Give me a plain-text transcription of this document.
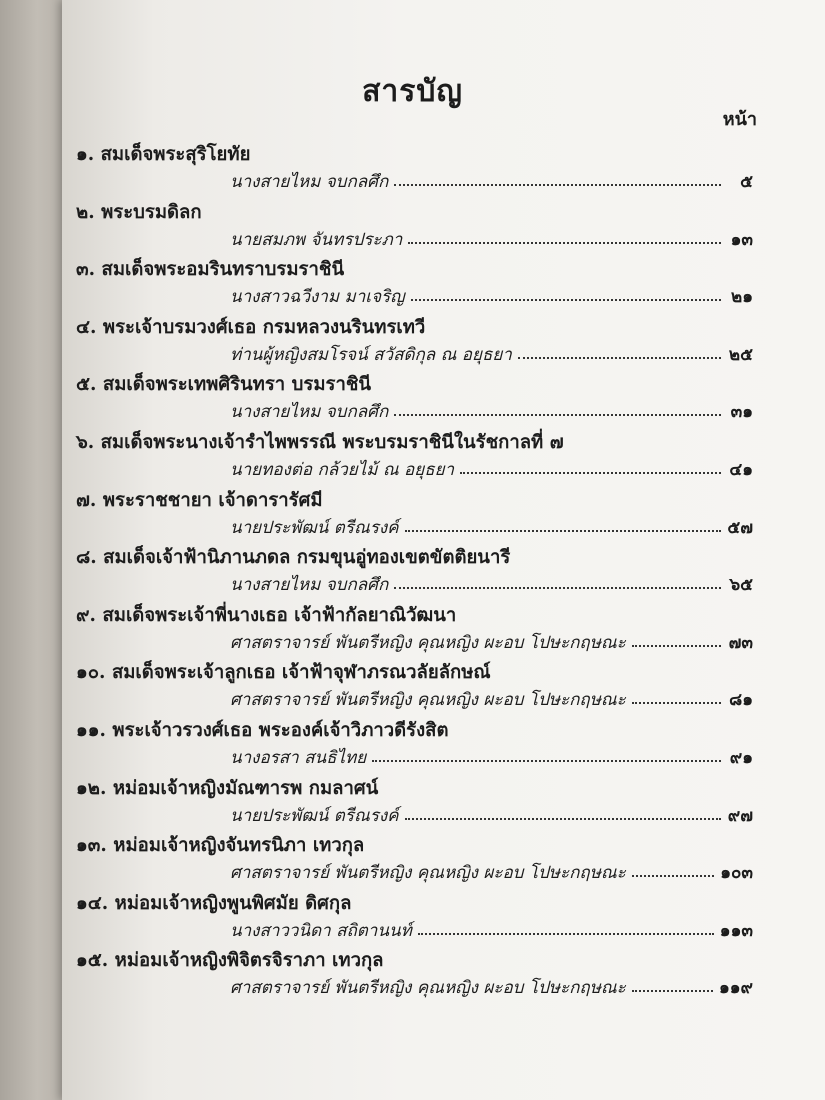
สารบัญ
หน้า
๑. สมเด็จพระสุริโยทัย
นางสายไหม จบกลศึก	๕
๒. พระบรมดิลก
นายสมภพ จันทรประภา	๑๓
๓. สมเด็จพระอมรินทราบรมราชินี
นางสาวฉวีงาม มาเจริญ	๒๑
๔. พระเจ้าบรมวงศ์เธอ กรมหลวงนรินทรเทวี
ท่านผู้หญิงสมโรจน์ สวัสดิกุล ณ อยุธยา	๒๕
๕. สมเด็จพระเทพศิรินทรา บรมราชินี
นางสายไหม จบกลศึก	๓๑
๖. สมเด็จพระนางเจ้ารำไพพรรณี พระบรมราชินีในรัชกาลที่ ๗
นายทองต่อ กล้วยไม้ ณ อยุธยา	๔๑
๗. พระราชชายา เจ้าดารารัศมี
นายประพัฒน์ ตรีณรงค์	๕๗
๘. สมเด็จเจ้าฟ้านิภานภดล กรมขุนอู่ทองเขตขัตติยนารี
นางสายไหม จบกลศึก	๖๕
๙. สมเด็จพระเจ้าพี่นางเธอ เจ้าฟ้ากัลยาณิวัฒนา
ศาสตราจารย์ พันตรีหญิง คุณหญิง ผะอบ โปษะกฤษณะ	๗๓
๑๐. สมเด็จพระเจ้าลูกเธอ เจ้าฟ้าจุฬาภรณวลัยลักษณ์
ศาสตราจารย์ พันตรีหญิง คุณหญิง ผะอบ โปษะกฤษณะ	๘๑
๑๑. พระเจ้าวรวงศ์เธอ พระองค์เจ้าวิภาวดีรังสิต
นางอรสา สนธิไทย	๙๑
๑๒. หม่อมเจ้าหญิงมัณฑารพ กมลาศน์
นายประพัฒน์ ตรีณรงค์	๙๗
๑๓. หม่อมเจ้าหญิงจันทรนิภา เทวกุล
ศาสตราจารย์ พันตรีหญิง คุณหญิง ผะอบ โปษะกฤษณะ	๑๐๓
๑๔. หม่อมเจ้าหญิงพูนพิศมัย ดิศกุล
นางสาววนิดา สถิตานนท์	๑๑๓
๑๕. หม่อมเจ้าหญิงพิจิตรจิราภา เทวกุล
ศาสตราจารย์ พันตรีหญิง คุณหญิง ผะอบ โปษะกฤษณะ	๑๑๙
